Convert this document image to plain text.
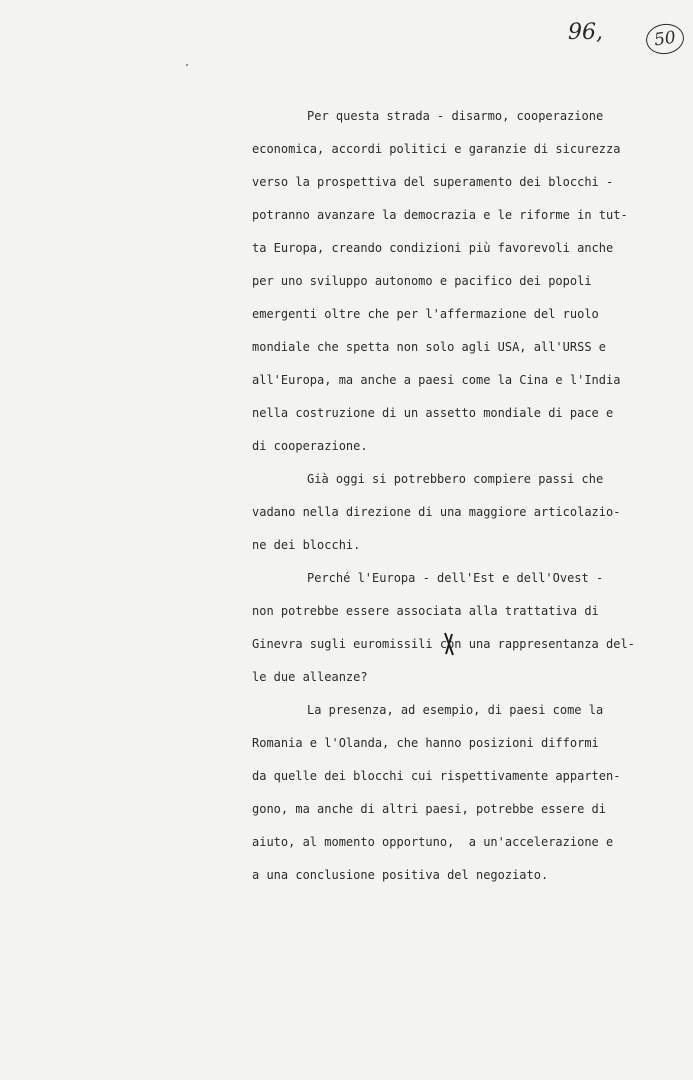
96,	50
Per questa strada - disarmo, cooperazione
economica, accordi politici e garanzie di sicurezza
verso la prospettiva del superamento dei blocchi -
potranno avanzare la democrazia e le riforme in tut-
ta Europa, creando condizioni più favorevoli anche
per uno sviluppo autonomo e pacifico dei popoli
emergenti oltre che per l'affermazione del ruolo
mondiale che spetta non solo agli USA, all'URSS e
all'Europa, ma anche a paesi come la Cina e l'India
nella costruzione di un assetto mondiale di pace e
di cooperazione.
Già oggi si potrebbero compiere passi che
vadano nella direzione di una maggiore articolazio-
ne dei blocchi.
Perché l'Europa - dell'Est e dell'Ovest -
non potrebbe essere associata alla trattativa di
Ginevra sugli euromissili con una rappresentanza del-
le due alleanze?
La presenza, ad esempio, di paesi come la
Romania e l'Olanda, che hanno posizioni difformi
da quelle dei blocchi cui rispettivamente apparten-
gono, ma anche di altri paesi, potrebbe essere di
aiuto, al momento opportuno,  a un'accelerazione e
a una conclusione positiva del negoziato.
